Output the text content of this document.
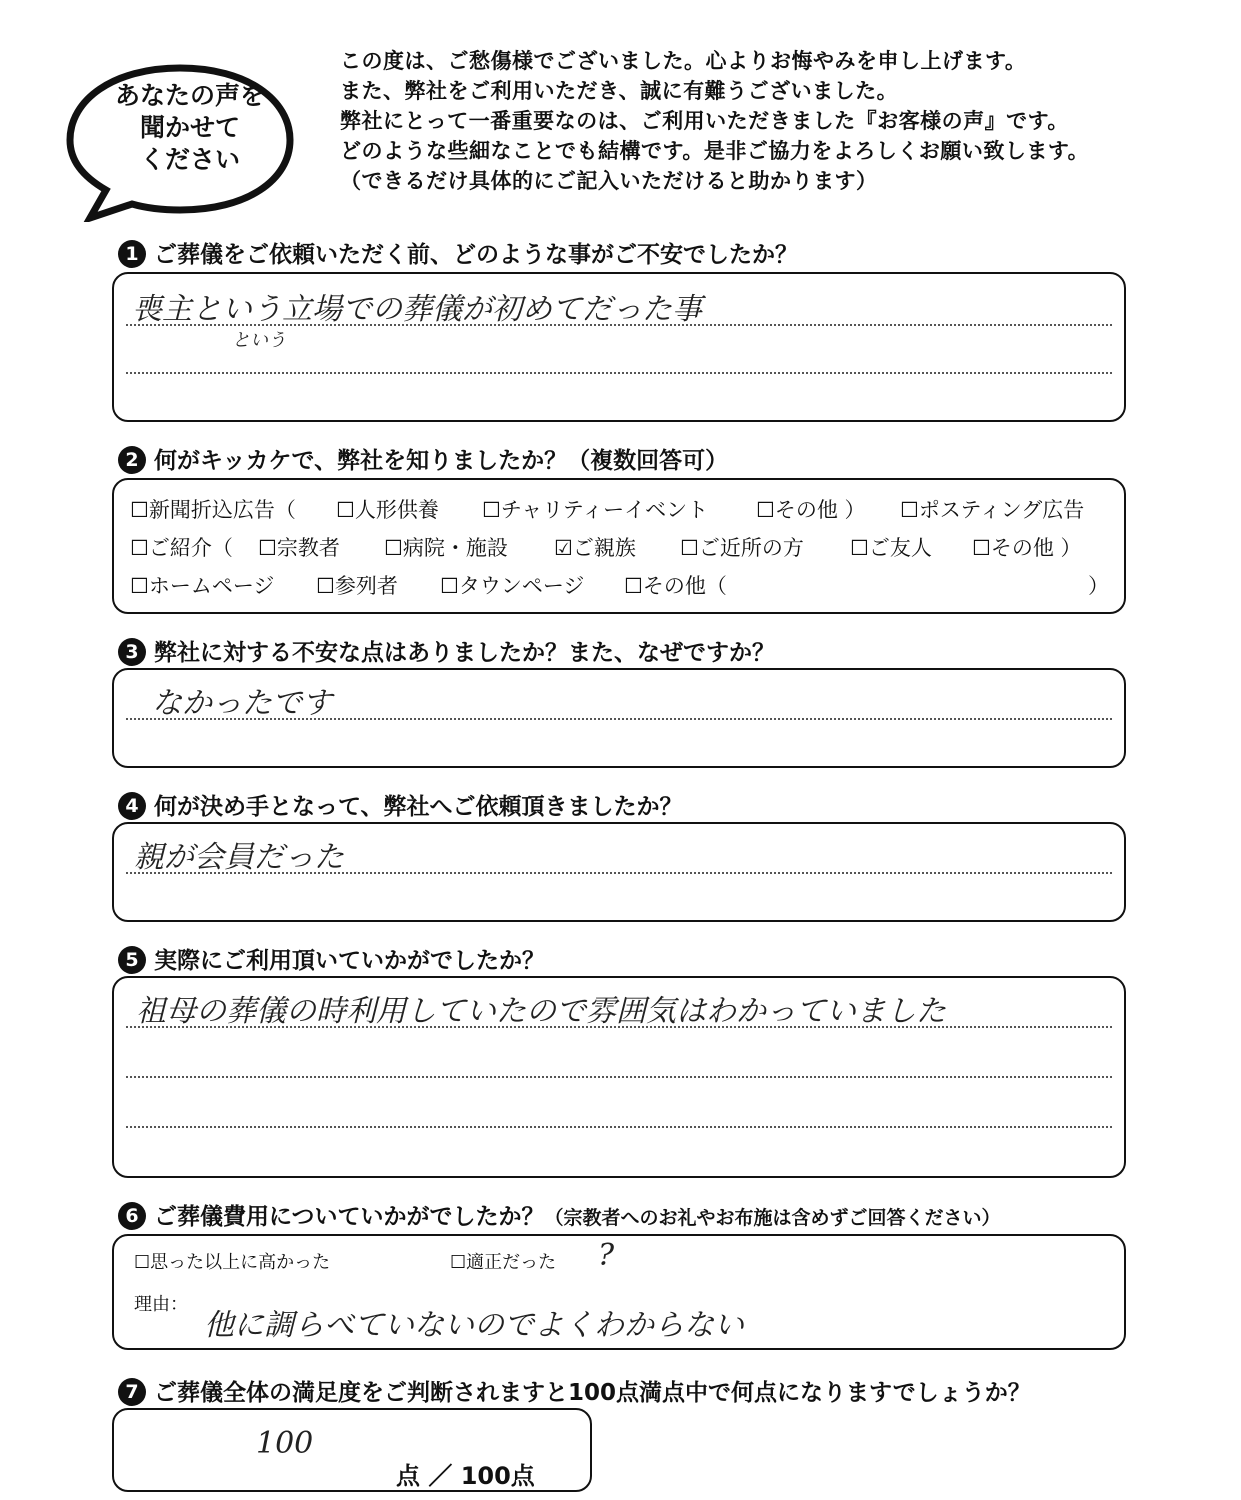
あなたの声を
聞かせて
ください
この度は、ご愁傷様でございました。心よりお悔やみを申し上げます。
また、弊社をご利用いただき、誠に有難うございました。
弊社にとって一番重要なのは、ご利用いただきました『お客様の声』です。
どのような些細なことでも結構です。是非ご協力をよろしくお願い致します。
（できるだけ具体的にご記入いただけると助かります）
1 ご葬儀をご依頼いただく前、どのような事がご不安でしたか？
喪主という立場での葬儀が初めてだった事
という
2 何がキッカケで、弊社を知りましたか？（複数回答可）
☐新聞折込広告（ ☐人形供養 ☐チャリティーイベント ☐その他 ） ☐ポスティング広告
☐ご紹介（ ☐宗教者 ☐病院・施設 ☑ご親族 ☐ご近所の方 ☐ご友人 ☐その他 ）
☐ホームページ ☐参列者 ☐タウンページ ☐その他（	）
3 弊社に対する不安な点はありましたか？また、なぜですか？
なかったです
4 何が決め手となって、弊社へご依頼頂きましたか？
親が会員だった
5 実際にご利用頂いていかがでしたか？
祖母の葬儀の時利用していたので雰囲気はわかっていました
6 ご葬儀費用についていかがでしたか？（宗教者へのお礼やお布施は含めずご回答ください）
☐思った以上に高かった	☐適正だった ?
理由：
他に調らべていないのでよくわからない
7 ご葬儀全体の満足度をご判断されますと100点満点中で何点になりますでしょうか？
100
点 ／ 100点
